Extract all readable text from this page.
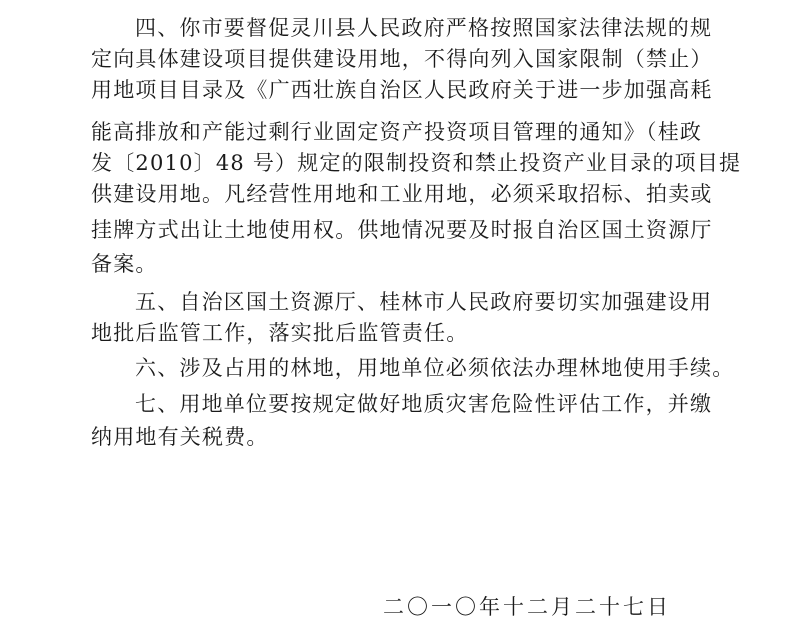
四、你市要督促灵川县人民政府严格按照国家法律法规的规
定向具体建设项目提供建设用地，不得向列入国家限制（禁止）
用地项目目录及《广西壮族自治区人民政府关于进一步加强高耗
能高排放和产能过剩行业固定资产投资项目管理的通知》（桂政
发〔2010〕48 号）规定的限制投资和禁止投资产业目录的项目提
供建设用地。凡经营性用地和工业用地，必须采取招标、拍卖或
挂牌方式出让土地使用权。供地情况要及时报自治区国土资源厅
备案。
五、自治区国土资源厅、桂林市人民政府要切实加强建设用
地批后监管工作，落实批后监管责任。
六、涉及占用的林地，用地单位必须依法办理林地使用手续。
七、用地单位要按规定做好地质灾害危险性评估工作，并缴
纳用地有关税费。
二〇一〇年十二月二十七日
